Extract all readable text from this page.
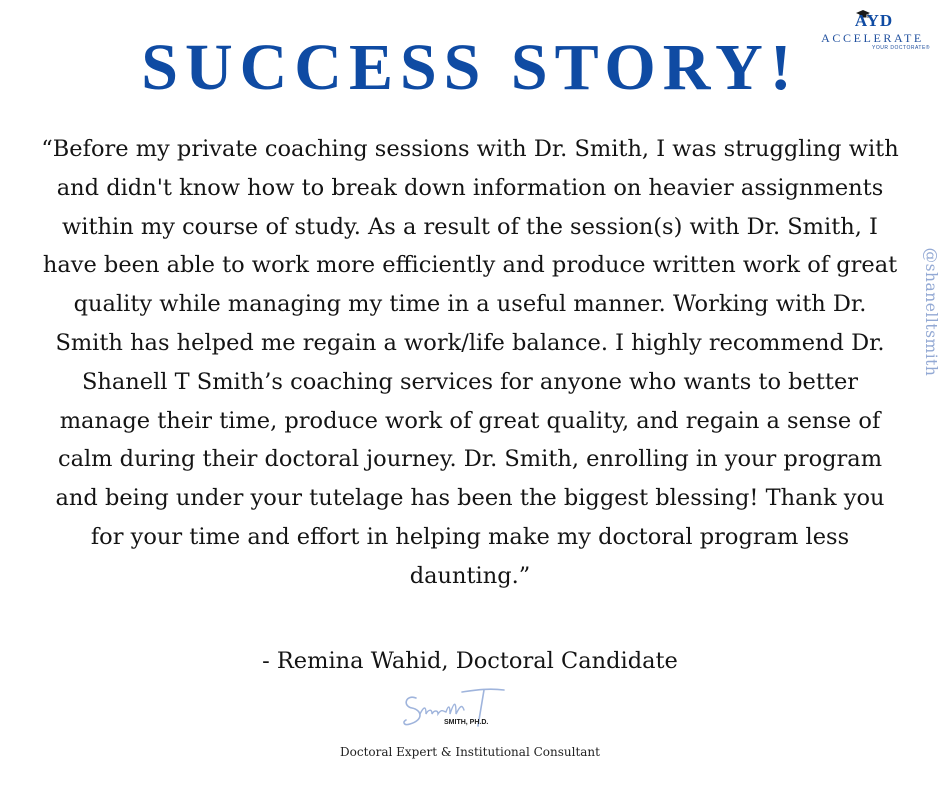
SUCCESS STORY!
AYD
ACCELERATE
YOUR DOCTORATE®

“Before my private coaching sessions with Dr. Smith, I was struggling with and didn't know how to break down information on heavier assignments within my course of study. As a result of the session(s) with Dr. Smith, I have been able to work more efficiently and produce written work of great quality while managing my time in a useful manner. Working with Dr. Smith has helped me regain a work/life balance. I highly recommend Dr. Shanell T Smith’s coaching services for anyone who wants to better manage their time, produce work of great quality, and regain a sense of calm during their doctoral journey. Dr. Smith, enrolling in your program and being under your tutelage has been the biggest blessing! Thank you for your time and effort in helping make my doctoral program less daunting.”

- Remina Wahid, Doctoral Candidate

SMITH, PH.D.

Doctoral Expert & Institutional Consultant

@shanelltsmith
